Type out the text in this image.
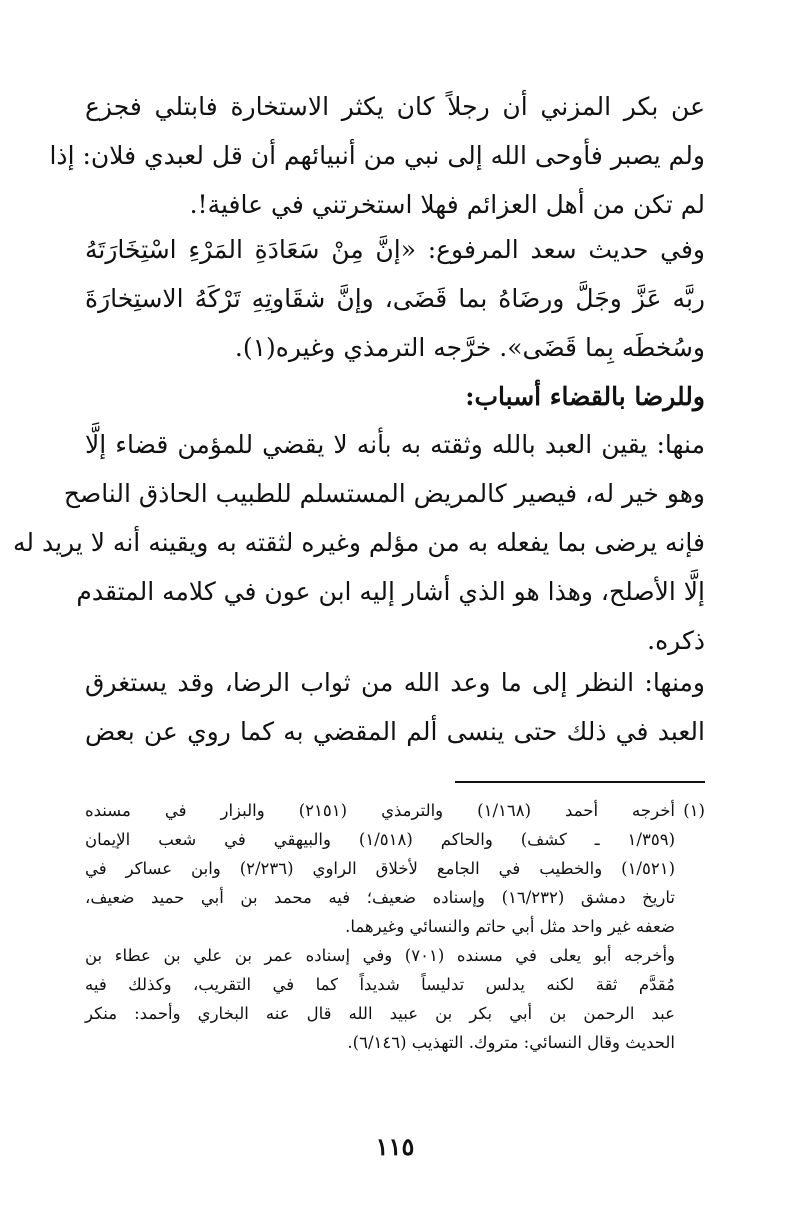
عن بكر المزني أن رجلاً كان يكثر الاستخارة فابتلي فجزع
ولم يصبر فأوحى الله إلى نبي من أنبيائهم أن قل لعبدي فلان: إذا
لم تكن من أهل العزائم فهلا استخرتني في عافية!.
وفي حديث سعد المرفوع: «إنَّ مِنْ سَعَادَةِ المَرْءِ اسْتِخَارَتَهُ
ربَّه عَزَّ وجَلَّ ورضَاهُ بما قَضَى، وإنَّ شقَاوتِهِ تَرْكَهُ الاستِخارَةَ
وسُخطَه بِما قَضَى». خرَّجه الترمذي وغيره(١).
وللرضا بالقضاء أسباب:
منها: يقين العبد بالله وثقته به بأنه لا يقضي للمؤمن قضاء إلَّا
وهو خير له، فيصير كالمريض المستسلم للطبيب الحاذق الناصح
فإنه يرضى بما يفعله به من مؤلم وغيره لثقته به ويقينه أنه لا يريد له
إلَّا الأصلح، وهذا هو الذي أشار إليه ابن عون في كلامه المتقدم
ذكره.
ومنها: النظر إلى ما وعد الله من ثواب الرضا، وقد يستغرق
العبد في ذلك حتى ينسى ألم المقضي به كما روي عن بعض
(١)أخرجه أحمد (١/١٦٨) والترمذي (٢١٥١) والبزار في مسنده
(١/٣٥٩ ـ كشف) والحاكم (١/٥١٨) والبيهقي في شعب الإيمان
(١/٥٢١) والخطيب في الجامع لأخلاق الراوي (٢/٢٣٦) وابن عساكر في
تاريخ دمشق (١٦/٢٣٢) وإسناده ضعيف؛ فيه محمد بن أبي حميد ضعيف،
ضعفه غير واحد مثل أبي حاتم والنسائي وغيرهما.
وأخرجه أبو يعلى في مسنده (٧٠١) وفي إسناده عمر بن علي بن عطاء بن
مُقدَّم ثقة لكنه يدلس تدليساً شديداً كما في التقريب، وكذلك فيه
عبد الرحمن بن أبي بكر بن عبيد الله قال عنه البخاري وأحمد: منكر
الحديث وقال النسائي: متروك. التهذيب (٦/١٤٦).
١١٥
